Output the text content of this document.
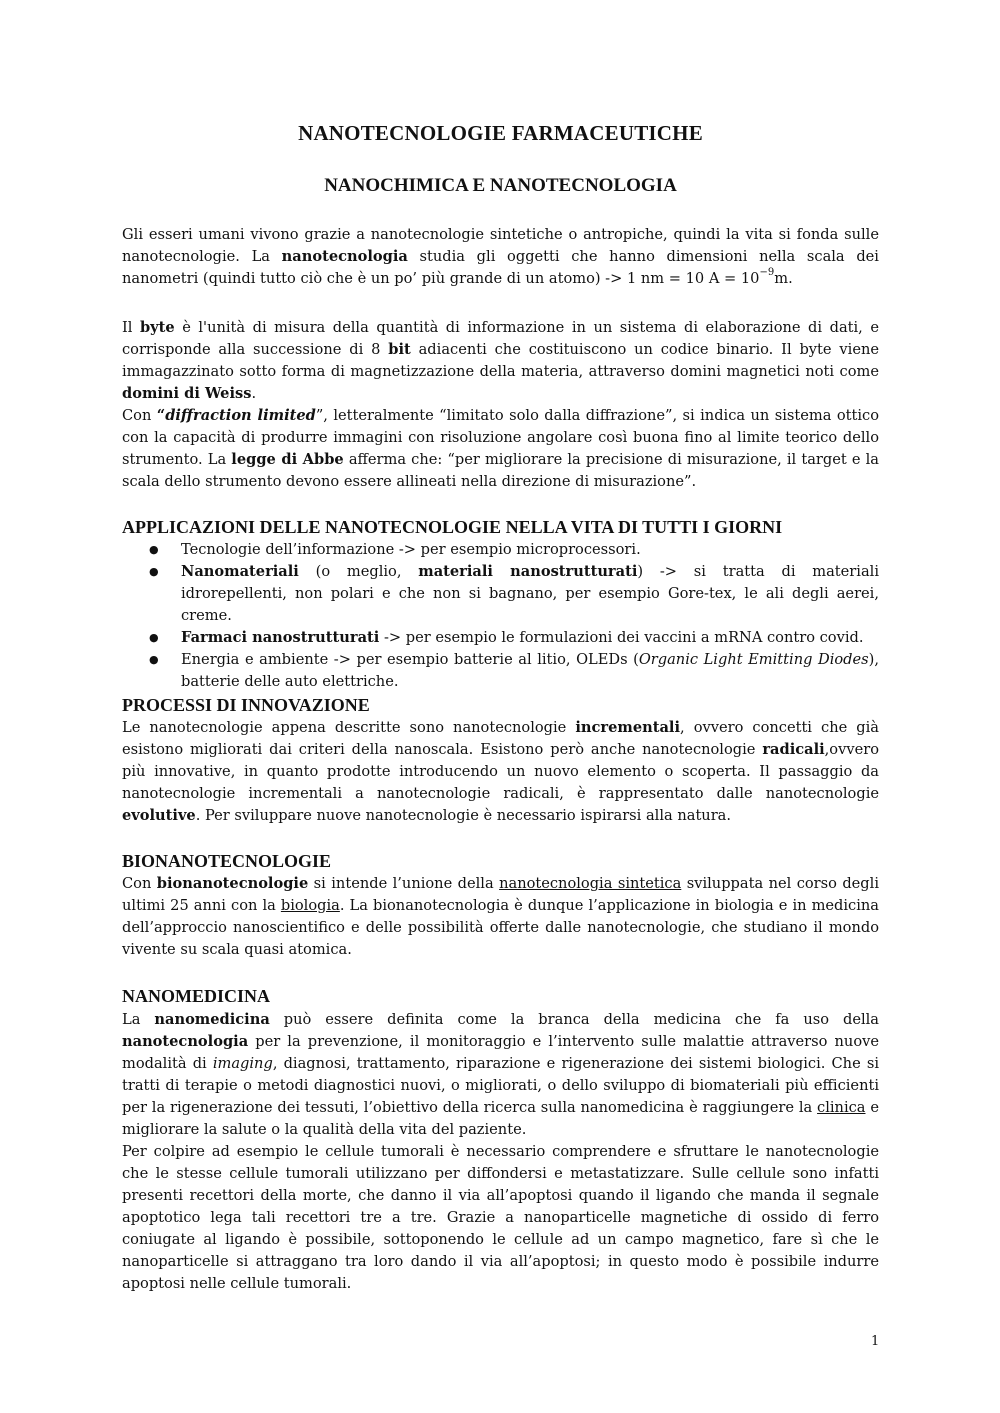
NANOTECNOLOGIE FARMACEUTICHE
NANOCHIMICA E NANOTECNOLOGIA

Gli esseri umani vivono grazie a nanotecnologie sintetiche o antropiche, quindi la vita si fonda sulle nanotecnologie. La nanotecnologia studia gli oggetti che hanno dimensioni nella scala dei nanometri (quindi tutto ciò che è un po’ più grande di un atomo) -> 1 nm = 10 $A = 10^{-9}m$.

Il byte è l'unità di misura della quantità di informazione in un sistema di elaborazione di dati, e corrisponde alla successione di 8 bit adiacenti che costituiscono un codice binario. Il byte viene immagazzinato sotto forma di magnetizzazione della materia, attraverso domini magnetici noti come domini di Weiss.
Con “diffraction limited”, letteralmente “limitato solo dalla diffrazione”, si indica un sistema ottico con la capacità di produrre immagini con risoluzione angolare così buona fino al limite teorico dello strumento. La legge di Abbe afferma che: “per migliorare la precisione di misurazione, il target e la scala dello strumento devono essere allineati nella direzione di misurazione”.

APPLICAZIONI DELLE NANOTECNOLOGIE NELLA VITA DI TUTTI I GIORNI
● Tecnologie dell’informazione -> per esempio microprocessori.
● Nanomateriali (o meglio, materiali nanostrutturati) -> si tratta di materiali idrorepellenti, non polari e che non si bagnano, per esempio Gore-tex, le ali degli aerei, creme.
● Farmaci nanostrutturati -> per esempio le formulazioni dei vaccini a mRNA contro covid.
● Energia e ambiente -> per esempio batterie al litio, OLEDs (Organic Light Emitting Diodes), batterie delle auto elettriche.
PROCESSI DI INNOVAZIONE

Le nanotecnologie appena descritte sono nanotecnologie incrementali, ovvero concetti che già esistono migliorati dai criteri della nanoscala. Esistono però anche nanotecnologie radicali,ovvero più innovative, in quanto prodotte introducendo un nuovo elemento o scoperta. Il passaggio da nanotecnologie incrementali a nanotecnologie radicali, è rappresentato dalle nanotecnologie evolutive. Per sviluppare nuove nanotecnologie è necessario ispirarsi alla natura.

BIONANOTECNOLOGIE

Con bionanotecnologie si intende l’unione della nanotecnologia sintetica sviluppata nel corso degli ultimi 25 anni con la biologia. La bionanotecnologia è dunque l’applicazione in biologia e in medicina dell’approccio nanoscientifico e delle possibilità offerte dalle nanotecnologie, che studiano il mondo vivente su scala quasi atomica.

NANOMEDICINA

La nanomedicina può essere definita come la branca della medicina che fa uso della nanotecnologia per la prevenzione, il monitoraggio e l’intervento sulle malattie attraverso nuove modalità di imaging, diagnosi, trattamento, riparazione e rigenerazione dei sistemi biologici. Che si tratti di terapie o metodi diagnostici nuovi, o migliorati, o dello sviluppo di biomateriali più efficienti per la rigenerazione dei tessuti, l’obiettivo della ricerca sulla nanomedicina è raggiungere la clinica e migliorare la salute o la qualità della vita del paziente.
Per colpire ad esempio le cellule tumorali è necessario comprendere e sfruttare le nanotecnologie che le stesse cellule tumorali utilizzano per diffondersi e metastatizzare. Sulle cellule sono infatti presenti recettori della morte, che danno il via all’apoptosi quando il ligando che manda il segnale apoptotico lega tali recettori tre a tre. Grazie a nanoparticelle magnetiche di ossido di ferro coniugate al ligando è possibile, sottoponendo le cellule ad un campo magnetico, fare sì che le nanoparticelle si attraggano tra loro dando il via all’apoptosi; in questo modo è possibile indurre apoptosi nelle cellule tumorali.

1
